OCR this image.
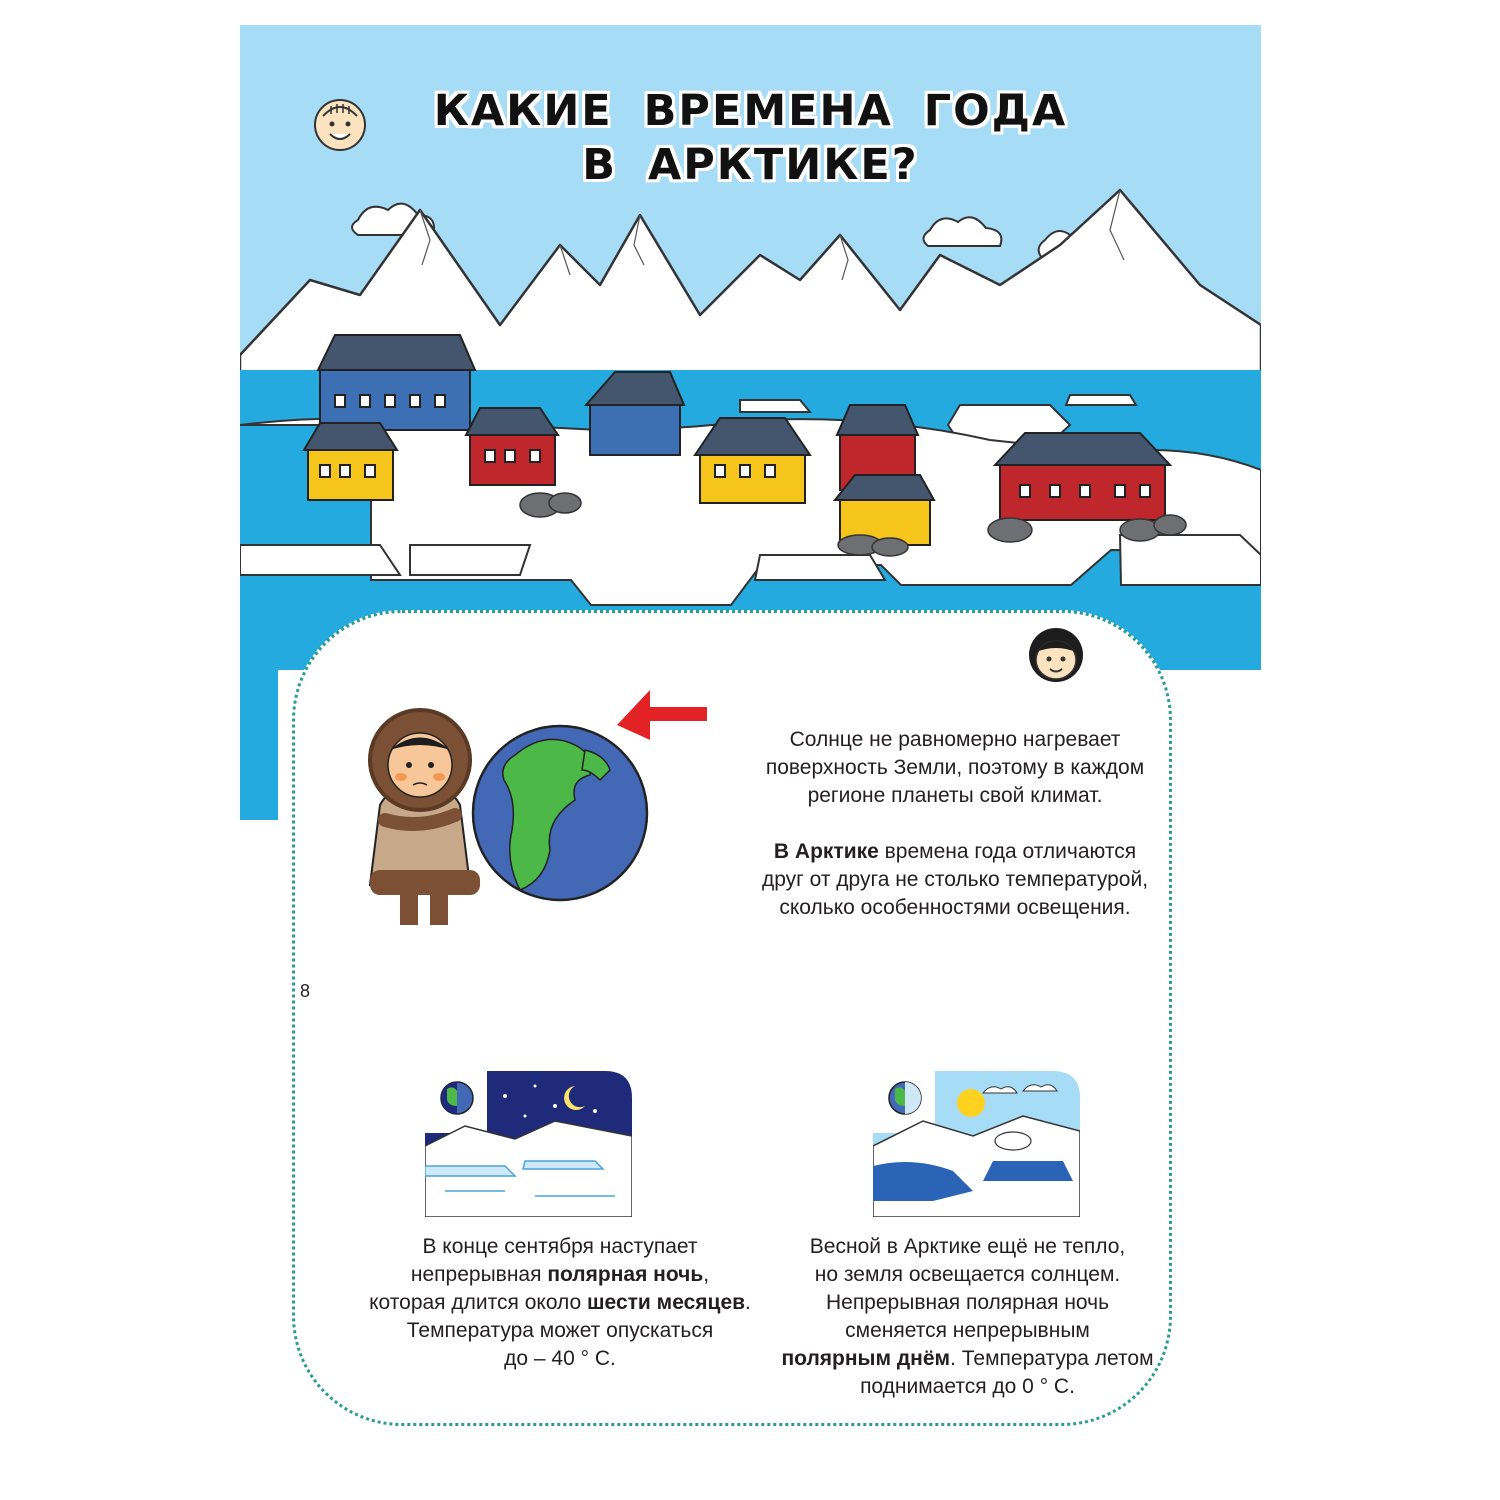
КАКИЕ ВРЕМЕНА ГОДА
В АРКТИКЕ?
Солнце не равномерно нагревает
поверхность Земли, поэтому в каждом
регионе планеты свой климат.
В Арктике времена года отличаются
друг от друга не столько температурой,
сколько особенностями освещения.
8
В конце сентября наступает
непрерывная полярная ночь,
которая длится около шести месяцев.
Температура может опускаться
до – 40 ° С.
Весной в Арктике ещё не тепло,
но земля освещается солнцем.
Непрерывная полярная ночь
сменяется непрерывным
полярным днём. Температура летом
поднимается до 0 ° С.
